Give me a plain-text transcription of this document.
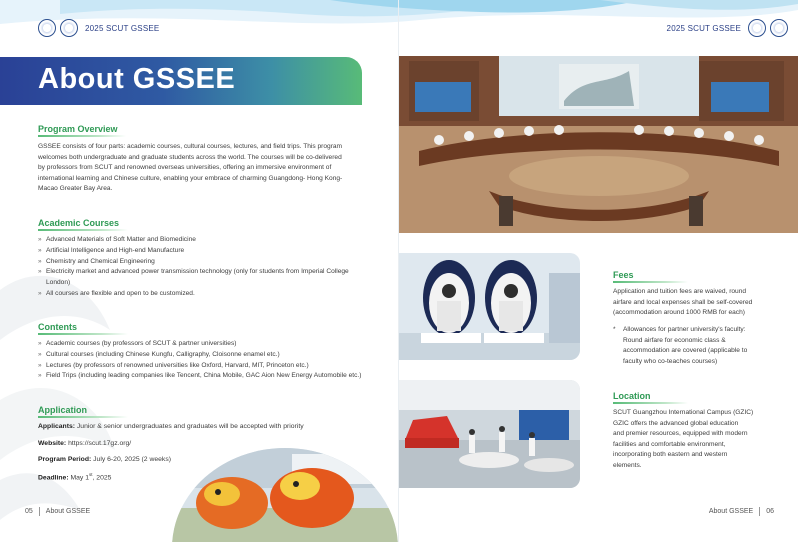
2025 SCUT GSSEE	2025 SCUT GSSEE
About GSSEE
Program Overview
GSSEE consists of four parts: academic courses, cultural courses, lectures, and field trips. This program
welcomes both undergraduate and graduate students across the world. The courses will be co-delivered
by professors from SCUT and renowned overseas universities, offering an immersive environment of
international learning and Chinese culture, enabling your embrace of charming Guangdong- Hong Kong-
Macao Greater Bay Area.
Academic Courses
» Advanced Materials of Soft Matter and Biomedicine
» Artificial Intelligence and High-end Manufacture
» Chemistry and Chemical Engineering
» Electricity market and advanced power transmission technology (only for students from Imperial College
London)
» All courses are flexible and open to be customized.
Contents
» Academic courses (by professors of SCUT & partner universities)
» Cultural courses (including Chinese Kungfu, Calligraphy, Cloisonne enamel etc.)
» Lectures (by professors of renowned universities like Oxford, Harvard, MIT, Princeton etc.)
» Field Trips (including leading companies like Tencent, China Mobile, GAC Aion New Energy Automobile etc.)
Application
Applicants: Junior & senior undergraduates and graduates will be accepted with priority
Website: https://scut.17gz.org/
Program Period: July 6-20, 2025 (2 weeks)
Deadline: May 1st, 2025
05 About GSSEE
Fees
Application and tuition fees are waived, round
airfare and local expenses shall be self-covered
(accommodation around 1000 RMB for each)
* Allowances for partner university's faculty:
Round airfare for economic class &
accommodation are covered (applicable to
faculty who co-teaches courses)
Location
SCUT Guangzhou International Campus (GZIC)
GZIC offers the advanced global education
and premier resources, equipped with modern
facilities and comfortable environment,
incorporating both eastern and western
elements.
About GSSEE 06
